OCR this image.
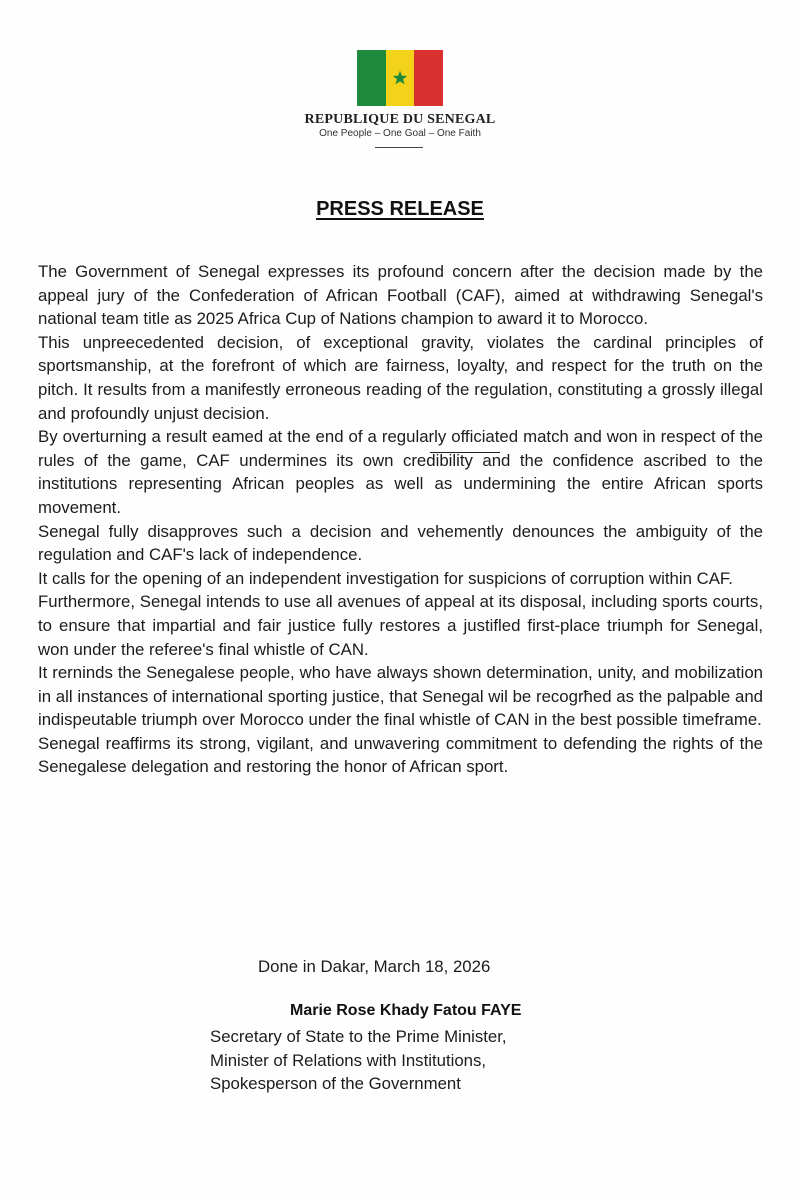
REPUBLIQUE DU SENEGAL
One People – One Goal – One Faith
PRESS RELEASE

The Government of Senegal expresses its profound concern after the decision made by the appeal jury of the Confederation of African Football (CAF), aimed at withdrawing Senegal's national team title as 2025 Africa Cup of Nations champion to award it to Morocco.

This unpreecedented decision, of exceptional gravity, violates the cardinal principles of sportsmanship, at the forefront of which are fairness, loyalty, and respect for the truth on the pitch. It results from a manifestly erroneous reading of the regulation, constituting a grossly illegal and profoundly unjust decision.

By overturning a result eamed at the end of a regularly officiated match and won in respect of the rules of the game, CAF undermines its own credibility and the confidence ascribed to the institutions representing African peoples as well as undermining the entire African sports movement.

Senegal fully disapproves such a decision and vehemently denounces the ambiguity of the regulation and CAF's lack of independence.

It calls for the opening of an independent investigation for suspicions of corruption within CAF.

Furthermore, Senegal intends to use all avenues of appeal at its disposal, including sports courts, to ensure that impartial and fair justice fully restores a justifled first-place triumph for Senegal, won under the referee's final whistle of CAN.

It rerninds the Senegalese people, who have always shown determination, unity, and mobilization in all instances of international sporting justice, that Senegal wil be recogrħed as the palpable and indispeutable triumph over Morocco under the final whistle of CAN in the best possible timeframe.

Senegal reaffirms its strong, vigilant, and unwavering commitment to defending the rights of the Senegalese delegation and restoring the honor of African sport.

Done in Dakar, March 18, 2026
Marie Rose Khady Fatou FAYE
Secretary of State to the Prime Minister,
Minister of Relations with Institutions,
Spokesperson of the Government
